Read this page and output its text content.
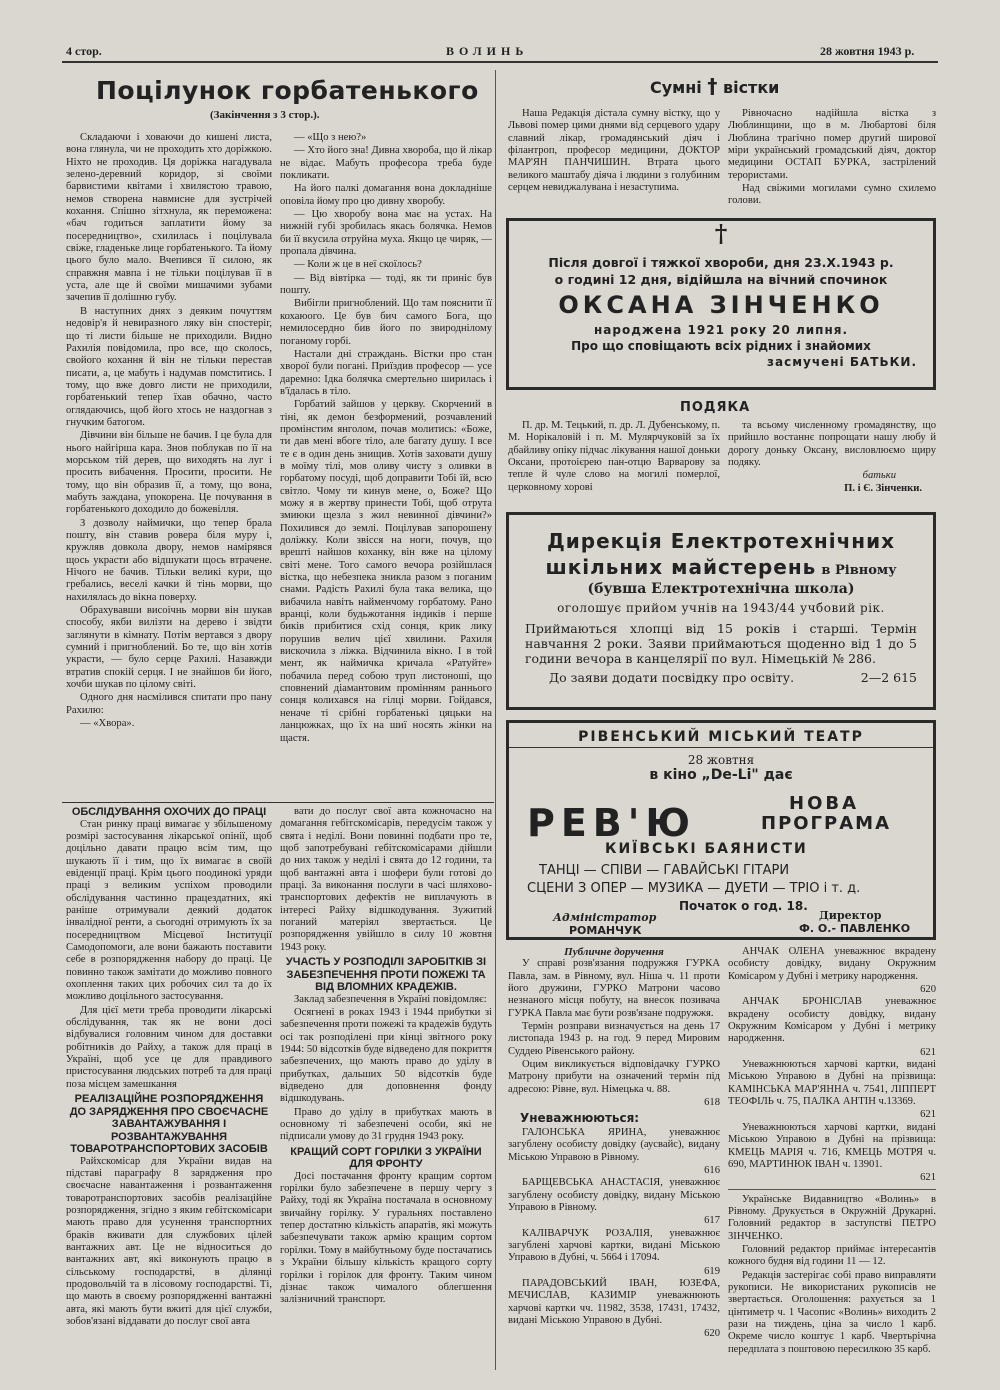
4 стор.	ВОЛИНЬ	28 жовтня 1943 р.
Поцілунок горбатенького
(Закінчення з 3 стор.).

Складаючи і ховаючи до кишені листа, вона глянула, чи не проходить хто доріжкою. Ніхто не проходив. Ця доріжка нагадувала зелено-деревний коридор, зі своїми барвистими квітами і хвилястою травою, немов створена навмисне для зустрічей кохання. Спішно зітхнула, як переможена: «бач годиться заплатити йому за посередництво», схилилась і поцілувала свіже, гладеньке лице горбатенького. Та йому цього було мало. Вчепився її силою, як справжня мавпа і не тільки поцілував її в уста, але ще й своїми мишачими зубами зачепив її долішню губу.

В наступних днях з деяким почуттям недовір'я й невиразного ляку він спостеріг, що ті листи більше не приходили. Видно Рахилія повідомила, про все, що сколось, свойого кохання й він не тільки перестав писати, а, це мабуть і надумав помститись. І тому, що вже довго листи не приходили, горбатенький тепер їхав обачно, часто оглядаючись, щоб його хтось не наздогнав з гнучким батогом.

Дівчини він більше не бачив. І це була для нього найгірша кара. Знов поблукав по її на морськом тій дерев, що виходять на луг і просить вибачення. Просити, просити. Не тому, що він образив її, а тому, що вона, мабуть заждана, упокорена. Це почування в горбатенького доходило до божевілля.

З дозволу наймички, що тепер брала пошту, він ставив ровера біля муру і, кружляв довкола двору, немов намірявся щось украсти або відшукати щось втрачене. Нічого не бачив. Тільки великі кури, що гребались, веселі качки й тінь морви, що нахилялась до вікна поверху.

Обрахувавши висоічнь морви він шукав способу, якби вилізти на дерево і звідти заглянути в кімнату. Потім вертався з двору сумний і пригноблений. Бо те, що він хотів украсти, — було серце Рахилі. Назавжди втратив спокій серця. І не знайшов би його, хочби шукав по цілому світі.

Одного дня насмілився спитати про пану Рахилю:

— «Хвора».

— «Що з нею?»

— Хто його зна! Дивна хвороба, що й лікар не відає. Мабуть професора треба буде покликати.

На його палкі домагання вона докладніше оповіла йому про цю дивну хворобу.

— Цю хворобу вона має на устах. На нижній губі зробилась якась болячка. Немов би її вкусила отруйна муха. Якщо це чиряк, — пропала дівчина.

— Коли ж це в неї скоїлось?

— Від вівтірка — тоді, як ти приніс був пошту.

Вибігли пригноблений. Що там пояснити її кохаюого. Це був бич самого Бога, що немилосердно бив його по звироднілому поганому горбі.

Настали дні страждань. Вістки про стан хворої були погані. Приїздив професор — усе даремно: Ідка болячка смертельно ширилась і в'їдалась в тіло.

Горбатий зайшов у церкву. Скорчений в тіні, як демон безформений, розчавлений промінстим янголом, почав молитись: «Боже, ти дав мені вбоге тіло, але багату душу. І все те є в один день знищив. Хотів заховати душу в моїму тілі, мов оливу чисту з оливки в горбатому посуді, щоб доправити Тобі їй, всю світло. Чому ти кинув мене, о, Боже? Що можу я в жертву принести Тобі, щоб отрута змиюки щезла з жил невинної дівчини?» Похилився до землі. Поцілував запорошену доліжку. Коли звісся на ноги, почув, що врешті найшов коханку, він вже на цілому світі мене. Того самого вечора розійшлася вістка, що небезпека зникла разом з поганим снами. Радість Рахилі була така велика, що вибачила навіть найменчому горбатому. Рано вранці, коли будьжотання індиків і перше биків прибитися схід сонця, крик лику порушив велич цієї хвилини. Рахиля вискочила з ліжка. Відчинила вікно. І в той мент, як наймичка кричала «Ратуйте» побачила перед собою труп листоноші, що сповнений діамантовим промінням раннього сонця колихався на гілці морви. Гойдався, неначе ті срібні горбатенькі цяцьки на ланцюжках, що їх на шиї носять жінки на щастя.

Сумні † вістки

Наша Редакція дістала сумну вістку, що у Львові помер цими днями від серцевого удару славний лікар, громадянський діяч і філантроп, професор медицини, ДОКТОР МАР'ЯН ПАНЧИШИН. Втрата цього великого маштабу діяча і людини з голубиним серцем невиджалувана і незаступима.

Рівночасно надійшла вістка з Люблинщини, що в м. Любартові біля Люблина трагічно помер другий ширової міри український громадський діяч, доктор медицини ОСТАП БУРКА, застрілений терористами.

Над свіжими могилами сумно схилемо голови.

†
Після довгої і тяжкої хвороби, дня 23.X.1943 р.
о годині 12 дня, відійшла на вічний спочинок
ОКСАНА ЗІНЧЕНКО
народжена 1921 року 20 липня.
Про що сповіщають всіх рідних і знайомих
засмучені БАТЬКИ.
ПОДЯКА

П. др. М. Тецький, п. др. Л. Дубенському, п. М. Норікаловій і п. М. Мулярчуковій за їх дбайливу опіку підчас лікування нашої доньки Оксани, протоієрею пан-отцю Варварову за тепле й чуле слово на могилі померлої, церковному хорові

та всьому численному громадянству, що прийшло востаннє попрощати нашу любу й дорогу доньку Оксану, висловлюємо щиру подяку.

батьки
П. і Є. Зінченки.
Дирекція Електротехнічних
шкільних майстерень в Рівному
(бувша Електротехнічна школа)
оголошує прийом учнів на 1943/44 учбовий рік.
Приймаються хлопці від 15 років і старші. Термін навчання 2 роки. Заяви приймаються щоденно від 1 до 5 години вечора в канцелярії по вул. Німецькій № 286.
До заяви додати посвідку про освіту.	2—2 615
РІВЕНСЬКИЙ МІСЬКИЙ ТЕАТР
28 жовтня
в кіно „De-Li" дає
РЕВ'Ю	НОВА
ПРОГРАМА
КИЇВСЬКІ БАЯНИСТИ
ТАНЦІ — СПІВИ — ГАВАЙСЬКІ ГІТАРИ
СЦЕНИ З ОПЕР — МУЗИКА — ДУЕТИ — ТРІО і т. д.
Початок о год. 18.
Адміністратор
РОМАНЧУК
Директор
Ф. О.- ПАВЛЕНКО
ОБСЛІДУВАННЯ ОХОЧИХ ДО ПРАЦІ

Стан ринку праці вимагає у збільшеному розмірі застосування лікарської опінії, щоб доцільно давати працю всім тим, що шукають її і тим, що їх вимагає в своїй евіденції праці. Крім цього поодинокі уряди праці з великим успіхом проводили обслідування частинно працездатних, які раніше отримували деякий додаток інвалідної ренти, а сьогодні отримують їх за посередництвом Місцевої Інституції Самодопомоги, але вони бажають поставити себе в розпорядження набору до праці. Це повинно також замітати до можливо повного охоплення таких цих робочих сил та до їх можливо доцільного застосування.

Для цієї мети треба проводити лікарські обслідування, так як не вони досі відбувалися головним чином для доставки робітників до Райху, а також для праці в Україні, щоб усе це для правдивого пристосування людських потреб та для праці поза місцем замешкання

РЕАЛІЗАЦІЙНЕ РОЗПОРЯДЖЕННЯ ДО ЗАРЯДЖЕННЯ ПРО СВОЄЧАСНЕ ЗАВАНТАЖУВАННЯ І РОЗВАНТАЖУВАННЯ ТОВАРОТРАНСПОРТОВИХ ЗАСОБІВ

Райхскомісар для України видав на підставі параграфу 8 зарядження про своєчасне навантаження і розвантаження товаротранспортових засобів реалізаційне розпорядження, згідно з яким гебітскомісари мають право для усунення транспортних браків вживати для службових цілей вантажних авт. Це не відноситься до вантажних авт, які виконують працю в сільському господарстві, в ділянці продовольчій та в лісовому господарстві. Ті, що мають в своєму розпорядженні вантажні авта, які мають бути вжиті для цієї служби, зобов'язані віддавати до послуг свої авта

вати до послуг свої авта кожночасно на домагання гебітскомісарів, передусім також у свята і неділі. Вони повинні подбати про те, щоб запотребувані гебітскомісарами дійшли до них також у неділі і свята до 12 години, та щоб вантажні авта і шофери були готові до праці. За виконання послуги в часі шляхово-транспортових дефектів не виплачують в інтересі Райху відшкодування. Зужитий поганий матеріял звертається. Це розпорядження увійшло в силу 10 жовтня 1943 року.

УЧАСТЬ У РОЗПОДІЛІ ЗАРОБІТКІВ ЗІ ЗАБЕЗПЕЧЕННЯ ПРОТИ ПОЖЕЖІ ТА ВІД ВЛОМНИХ КРАДЕЖІВ.

Заклад забезпечення в Україні повідомляє:

Осягнені в роках 1943 і 1944 прибутки зі забезпечення проти пожежі та крадежів будуть осі так розподілені при кінці звітного року 1944: 50 відсотків буде відведено для покриття забезпечених, що мають право до уділу в прибутках, дальших 50 відсотків буде відведено для доповнення фонду відшкодувань.

Право до уділу в прибутках мають в основному ті забезпечені особи, які не підписали умову до 31 грудня 1943 року.

КРАЩИЙ СОРТ ГОРІЛКИ З УКРАЇНИ ДЛЯ ФРОНТУ

Досі постачання фронту кращим сортом горілки було забезпечене в першу чергу з Райху, тоді як Україна постачала в основному звичайну горілку. У гуральнях поставлено тепер достатню кількість апаратів, які можуть забезпечувати також армію кращим сортом горілки. Тому в майбутньому буде постачатись з України більшу кількість кращого сорту горілки і горілок для фронту. Таким чином дізнає також чималого облегшення залізничний транспорт.

Публичне доручення

У справі розв'язання подружжя ГУРКА Павла, зам. в Рівному, вул. Ніша ч. 11 проти його дружини, ГУРКО Матрони часово незнаного місця побуту, на внесок позивача ГУРКА Павла має бути розв'язане подружжя.

Термін розправи визначується на день 17 листопада 1943 р. на год. 9 перед Мировим Суддею Рівенського району.

Оцим викликується відповідачку ГУРКО Матрону прибути на означений термін під адресою: Рівне, вул. Німецька ч. 88.

618
Уневажнюються:

ГАЛОНСЬКА ЯРИНА, уневажнює загублену особисту довідку (аусвайс), видану Міською Управою в Рівному.

616

БАРЩЕВСЬКА АНАСТАСІЯ, уневажнює загублену особисту довідку, видану Міською Управою в Рівному.

617

КАЛІВАРЧУК РОЗАЛІЯ, уневажнює загублені харчові картки, видані Міською Управою в Дубні, ч. 5664 і 17094.

619

ПАРАДОВСЬКИЙ ІВАН, ЮЗЕФА, МЕЧИСЛАВ, КАЗИМІР уневажнюють харчові картки чч. 11982, 3538, 17431, 17432, видані Міською Управою в Дубні.

620

АНЧАК ОЛЕНА уневажнює вкрадену особисту довідку, видану Окружним Комісаром у Дубні і метрику народження.

620

АНЧАК БРОНІСЛАВ уневажнює вкрадену особисту довідку, видану Окружним Комісаром у Дубні і метрику народження.

621

Уневажнюються харчові картки, видані Міською Управою в Дубні на прізвища: КАМІНСЬКА МАР'ЯННА ч. 7541, ЛІППЕРТ ТЕОФІЛЬ ч. 75, ПАЛКА АНТІН ч.13369.

621

Уневажнюються харчові картки, видані Міською Управою в Дубні на прізвища: КМЕЦЬ МАРІЯ ч. 716, КМЕЦЬ МОТРЯ ч. 690, МАРТИНЮК ІВАН ч. 13901.

621

Українське Видавництво «Волинь» в Рівному. Друкується в Окружній Друкарні. Головний редактор в заступстві ПЕТРО ЗІНЧЕНКО.

Головний редактор приймає інтересантів кожного будня від години 11 — 12.

Редакція застерігає собі право виправляти рукописи. Не використаних рукописів не звертається. Оголошення: рахується за 1 цінтиметр ч. 1 Часопис «Волинь» виходить 2 рази на тиждень, ціна за число 1 карб. Окреме число коштує 1 карб. Чвертьрічна передплата з поштовою пересилкою 35 карб.
